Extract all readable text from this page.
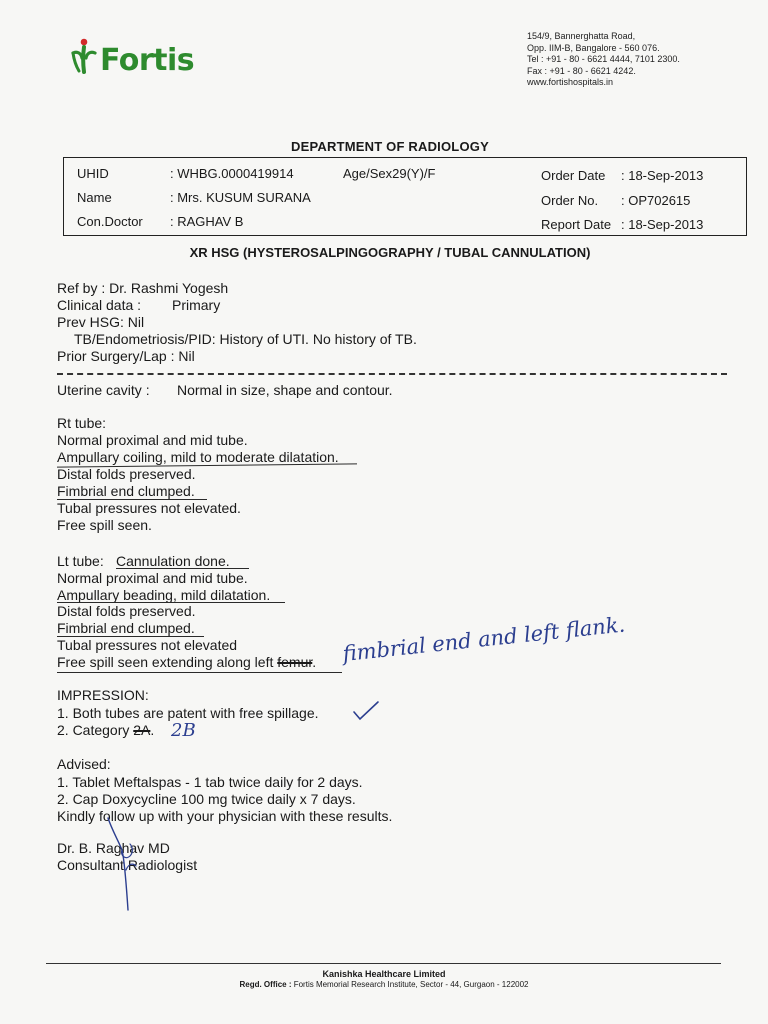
Fortis
154/9, Bannerghatta Road,
Opp. IIM-B, Bangalore - 560 076.
Tel : +91 - 80 - 6621 4444, 7101 2300.
Fax : +91 - 80 - 6621 4242.
www.fortishospitals.in
DEPARTMENT OF RADIOLOGY
UHID	: WHBG.0000419914	Age/Sex29(Y)/F
Name	: Mrs. KUSUM SURANA
Con.Doctor : RAGHAV B
Order Date : 18-Sep-2013
Order No. : OP702615
Report Date : 18-Sep-2013
XR HSG (HYSTEROSALPINGOGRAPHY / TUBAL CANNULATION)
Ref by : Dr. Rashmi Yogesh
Clinical data : Primary
Prev HSG: Nil
TB/Endometriosis/PID: History of UTI. No history of TB.
Prior Surgery/Lap : Nil
Uterine cavity : Normal in size, shape and contour.
Rt tube:
Normal proximal and mid tube.
Ampullary coiling, mild to moderate dilatation.
Distal folds preserved.
Fimbrial end clumped.
Tubal pressures not elevated.
Free spill seen.
Lt tube: Cannulation done.
Normal proximal and mid tube.
Ampullary beading, mild dilatation.
Distal folds preserved.
Fimbrial end clumped.
Tubal pressures not elevated
Free spill seen extending along left femur. fimbrial end and left flank.
IMPRESSION:
1. Both tubes are patent with free spillage.
2. Category 2A. 2B
Advised:
1. Tablet Meftalspas - 1 tab twice daily for 2 days.
2. Cap Doxycycline 100 mg twice daily x 7 days.
Kindly follow up with your physician with these results.
Dr. B. Raghav MD
Consultant Radiologist
Kanishka Healthcare Limited
Regd. Office : Fortis Memorial Research Institute, Sector - 44, Gurgaon - 122002
